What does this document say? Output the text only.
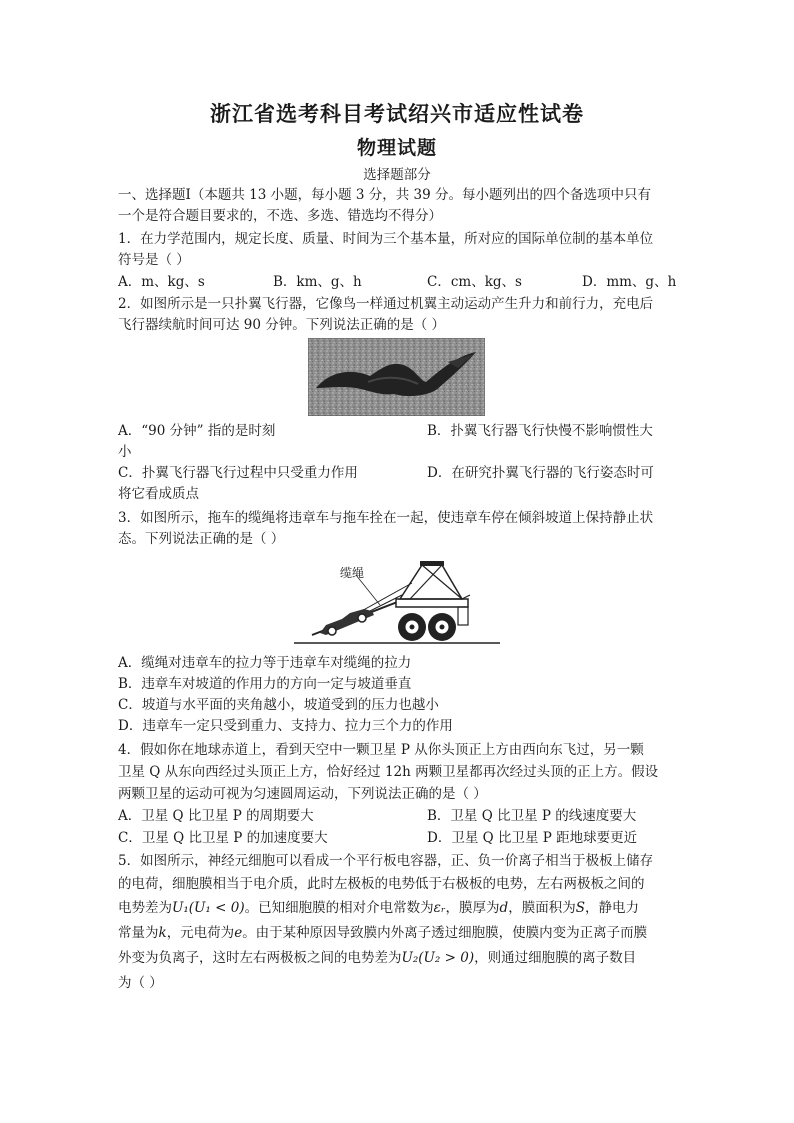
浙江省选考科目考试绍兴市适应性试卷
物理试题
选择题部分
一、选择题Ⅰ（本题共 13 小题，每小题 3 分，共 39 分。每小题列出的四个备选项中只有
一个是符合题目要求的，不选、多选、错选均不得分）
1．在力学范围内，规定长度、质量、时间为三个基本量，所对应的国际单位制的基本单位
符号是（ ）
A．m、kg、s	B．km、g、h	C．cm、kg、s	D．mm、g、h
2．如图所示是一只扑翼飞行器，它像鸟一样通过机翼主动运动产生升力和前行力，充电后
飞行器续航时间可达 90 分钟。下列说法正确的是（ ）
A．“90 分钟” 指的是时刻	B．扑翼飞行器飞行快慢不影响惯性大
小
C．扑翼飞行器飞行过程中只受重力作用	D．在研究扑翼飞行器的飞行姿态时可
将它看成质点
3．如图所示，拖车的缆绳将违章车与拖车拴在一起，使违章车停在倾斜坡道上保持静止状
态。下列说法正确的是（ ）
缆绳
A．缆绳对违章车的拉力等于违章车对缆绳的拉力
B．违章车对坡道的作用力的方向一定与坡道垂直
C．坡道与水平面的夹角越小，坡道受到的压力也越小
D．违章车一定只受到重力、支持力、拉力三个力的作用
4．假如你在地球赤道上，看到天空中一颗卫星 P 从你头顶正上方由西向东飞过，另一颗
卫星 Q 从东向西经过头顶正上方，恰好经过 12h 两颗卫星都再次经过头顶的正上方。假设
两颗卫星的运动可视为匀速圆周运动，下列说法正确的是（ ）
A．卫星 Q 比卫星 P 的周期要大	B．卫星 Q 比卫星 P 的线速度要大
C．卫星 Q 比卫星 P 的加速度要大	D．卫星 Q 比卫星 P 距地球要更近
5．如图所示，神经元细胞可以看成一个平行板电容器，正、负一价离子相当于极板上储存
的电荷，细胞膜相当于电介质，此时左极板的电势低于右极板的电势，左右两极板之间的
电势差为U₁(U₁ < 0)。已知细胞膜的相对介电常数为εᵣ，膜厚为d，膜面积为S，静电力
常量为k，元电荷为e。由于某种原因导致膜内外离子透过细胞膜，使膜内变为正离子而膜
外变为负离子，这时左右两极板之间的电势差为U₂(U₂ > 0)，则通过细胞膜的离子数目
为（ ）
